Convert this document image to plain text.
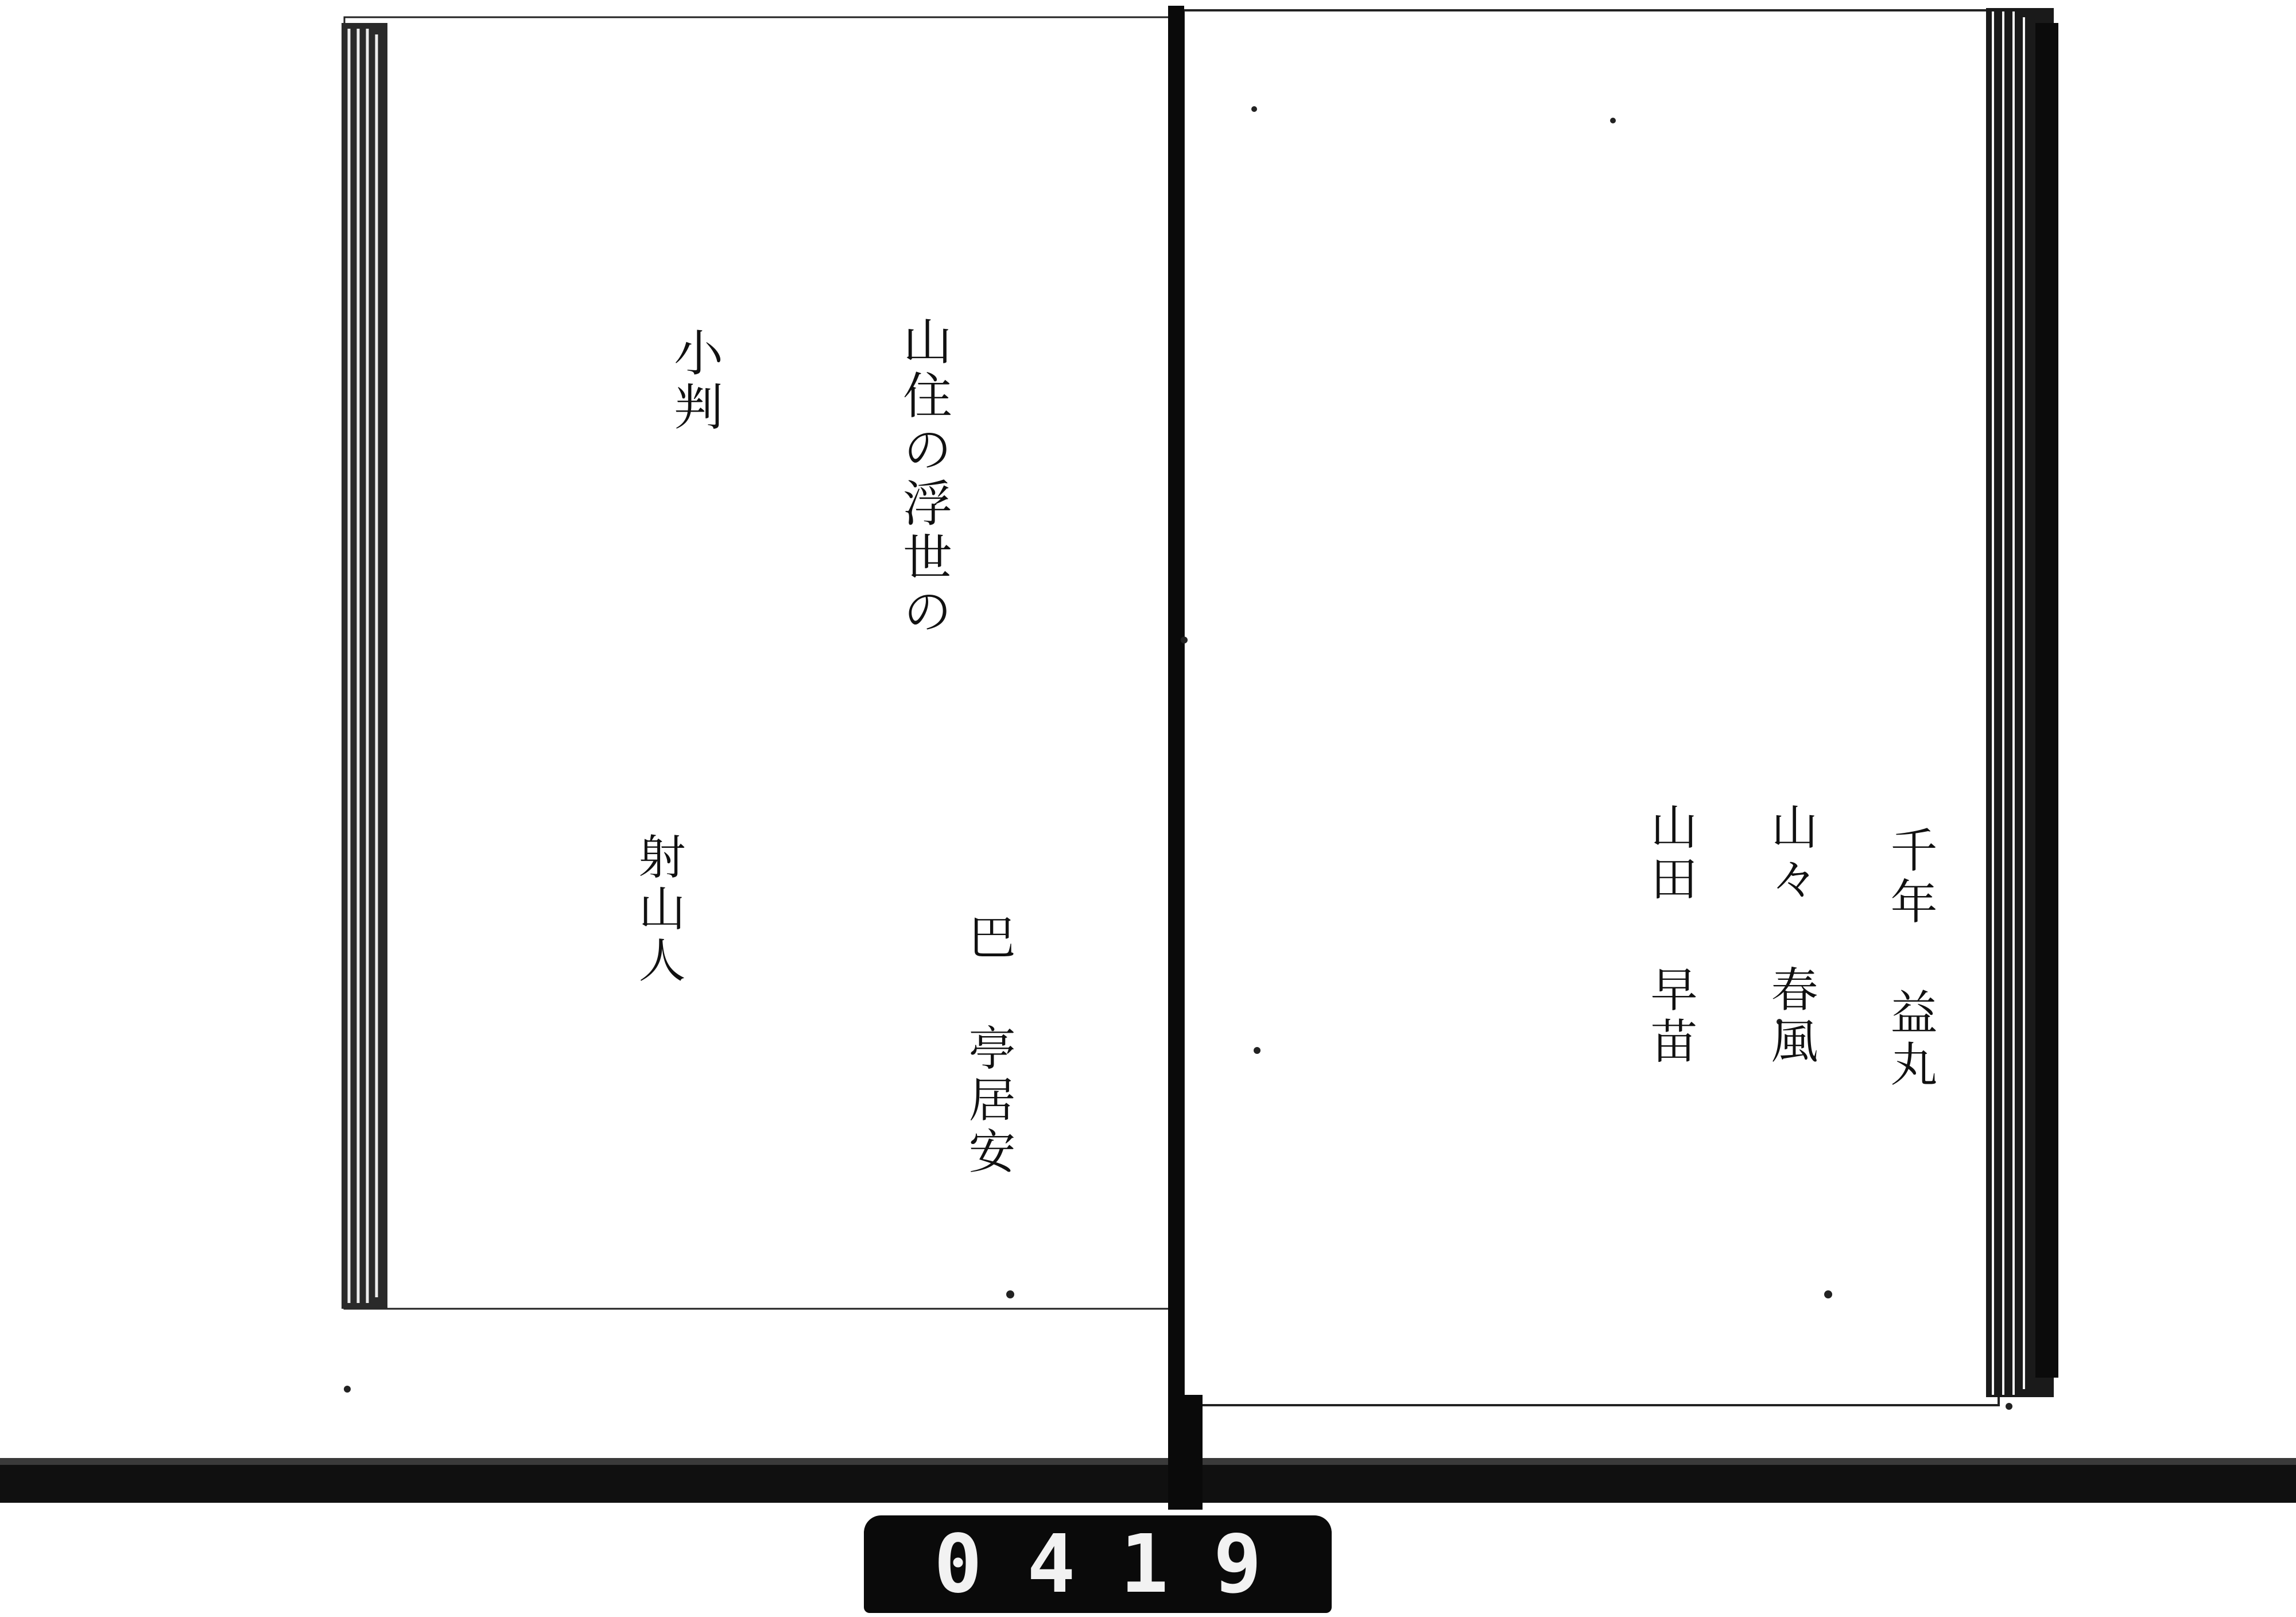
千年 益丸
山々 春風
山田 早苗
巴 亭居安
山住の浮世の
小判
射山人
0 4 1 9
